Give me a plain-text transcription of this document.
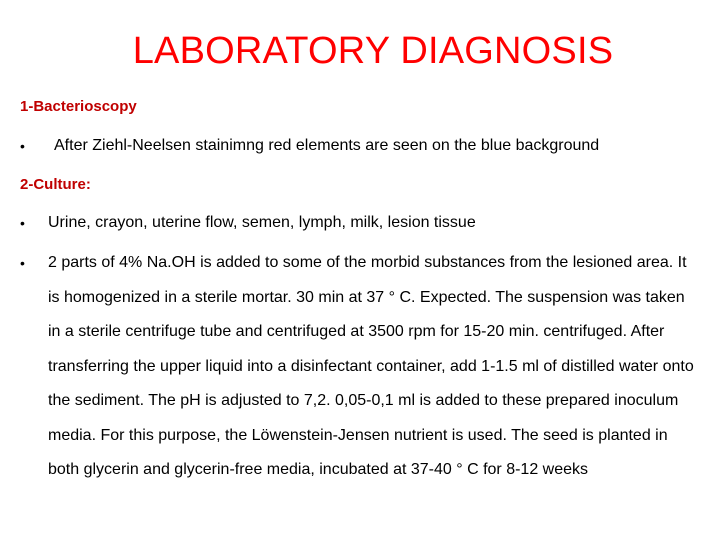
LABORATORY DIAGNOSIS
1-Bacterioscopy
• After Ziehl-Neelsen stainimng red elements are seen on the blue background
2-Culture:
• Urine, crayon, uterine flow, semen, lymph, milk, lesion tissue
• 2 parts of 4% Na.OH is added to some of the morbid substances from the lesioned area. It is homogenized in a sterile mortar. 30 min at 37 ° C. Expected. The suspension was taken in a sterile centrifuge tube and centrifuged at 3500 rpm for 15-20 min. centrifuged. After transferring the upper liquid into a disinfectant container, add 1-1.5 ml of distilled water onto the sediment. The pH is adjusted to 7,2. 0,05-0,1 ml is added to these prepared inoculum media. For this purpose, the Löwenstein-Jensen nutrient is used. The seed is planted in both glycerin and glycerin-free media, incubated at 37-40 ° C for 8-12 weeks
